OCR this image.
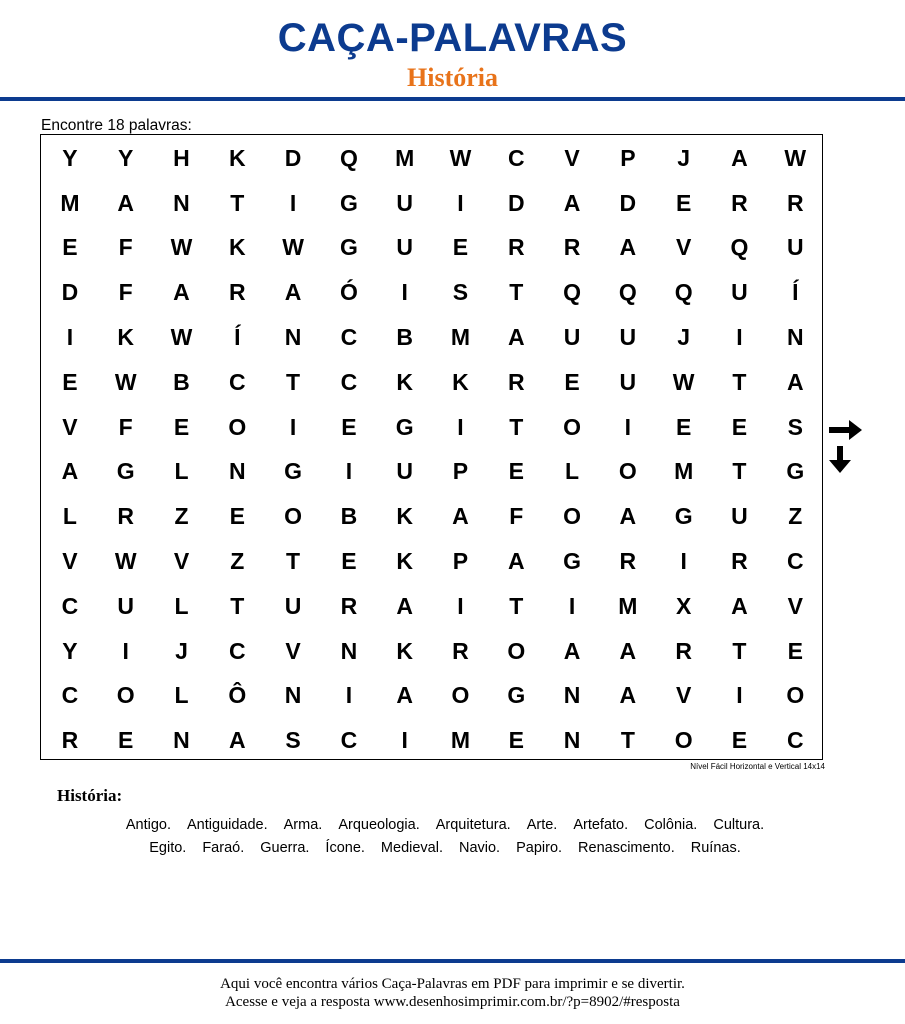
CAÇA-PALAVRAS
História
Encontre 18 palavras:
Y	Y	H	K	D	Q	M	W	C	V	P	J	A	W
M	A	N	T	I	G	U	I	D	A	D	E	R	R
E	F	W	K	W	G	U	E	R	R	A	V	Q	U
D	F	A	R	A	Ó	I	S	T	Q	Q	Q	U	Í
I	K	W	Í	N	C	B	M	A	U	U	J	I	N
E	W	B	C	T	C	K	K	R	E	U	W	T	A
V	F	E	O	I	E	G	I	T	O	I	E	E	S
A	G	L	N	G	I	U	P	E	L	O	M	T	G
L	R	Z	E	O	B	K	A	F	O	A	G	U	Z
V	W	V	Z	T	E	K	P	A	G	R	I	R	C
C	U	L	T	U	R	A	I	T	I	M	X	A	V
Y	I	J	C	V	N	K	R	O	A	A	R	T	E
C	O	L	Ô	N	I	A	O	G	N	A	V	I	O
R	E	N	A	S	C	I	M	E	N	T	O	E	C
Nível Fácil Horizontal e Vertical 14x14
História:
Antigo. Antiguidade. Arma. Arqueologia. Arquitetura. Arte. Artefato. Colônia. Cultura.
Egito. Faraó. Guerra. Ícone. Medieval. Navio. Papiro. Renascimento. Ruínas.
Aqui você encontra vários Caça-Palavras em PDF para imprimir e se divertir.
Acesse e veja a resposta www.desenhosimprimir.com.br/?p=8902/#resposta
